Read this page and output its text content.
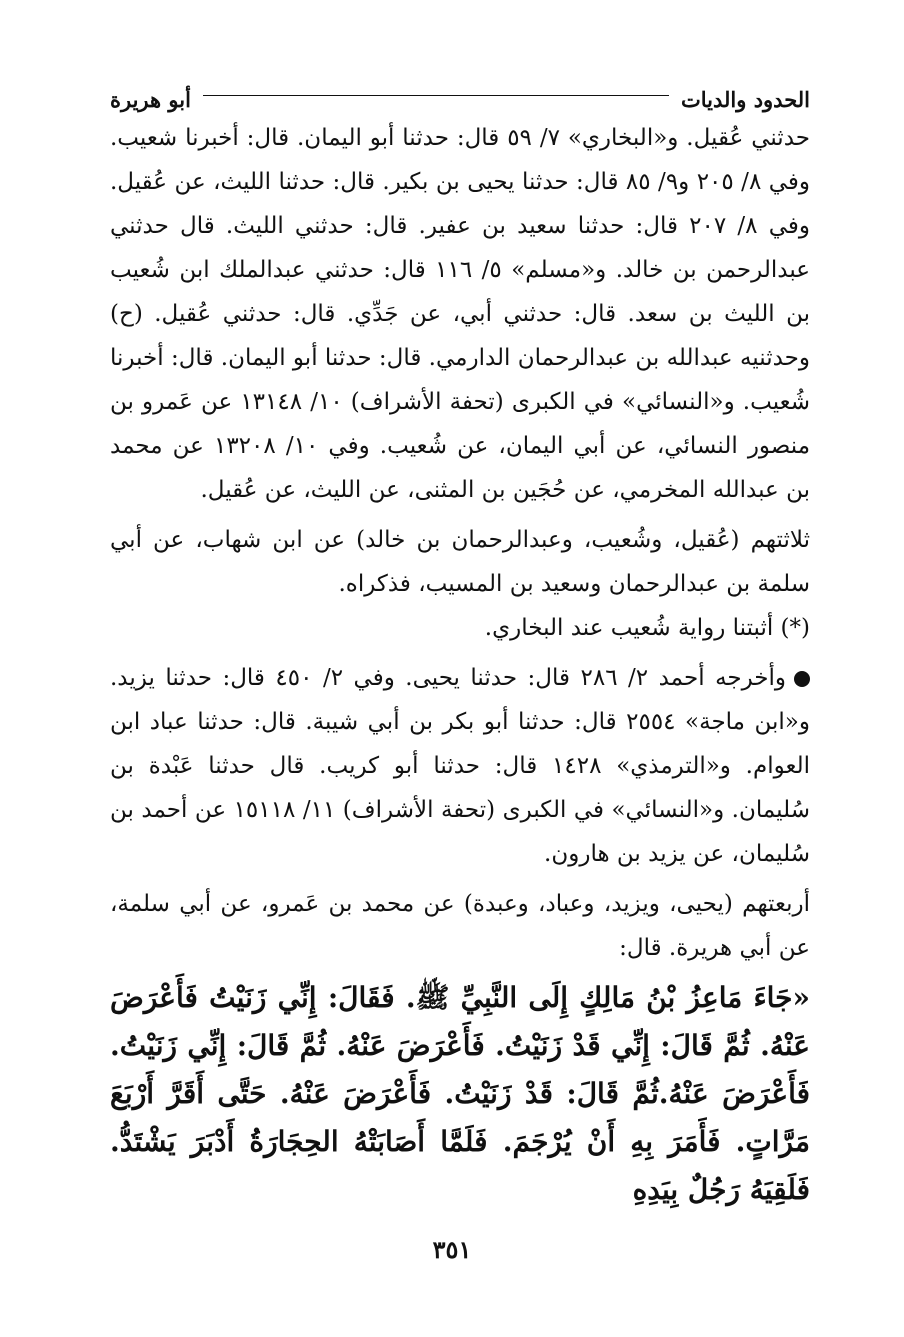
الحدود والديات
أبو هريرة

حدثني عُقيل. و«البخاري» ٧/ ٥٩ قال: حدثنا أبو اليمان. قال: أخبرنا شعيب. وفي ٨/ ٢٠٥ و٩/ ٨٥ قال: حدثنا يحيى بن بكير. قال: حدثنا الليث، عن عُقيل. وفي ٨/ ٢٠٧ قال: حدثنا سعيد بن عفير. قال: حدثني الليث. قال حدثني عبدالرحمن بن خالد. و«مسلم» ٥/ ١١٦ قال: حدثني عبدالملك ابن شُعيب بن الليث بن سعد. قال: حدثني أبي، عن جَدِّي. قال: حدثني عُقيل. (ح) وحدثنيه عبدالله بن عبدالرحمان الدارمي. قال: حدثنا أبو اليمان. قال: أخبرنا شُعيب. و«النسائي» في الكبرى (تحفة الأشراف) ١٠/ ١٣١٤٨ عن عَمرو بن منصور النسائي، عن أبي اليمان، عن شُعيب. وفي ١٠/ ١٣٢٠٨ عن محمد بن عبدالله المخرمي، عن حُجَين بن المثنى، عن الليث، عن عُقيل.

ثلاثتهم (عُقيل، وشُعيب، وعبدالرحمان بن خالد) عن ابن شهاب، عن أبي سلمة بن عبدالرحمان وسعيد بن المسيب، فذكراه.

(*) أثبتنا رواية شُعيب عند البخاري.

وأخرجه أحمد ٢/ ٢٨٦ قال: حدثنا يحيى. وفي ٢/ ٤٥٠ قال: حدثنا يزيد. و«ابن ماجة» ٢٥٥٤ قال: حدثنا أبو بكر بن أبي شيبة. قال: حدثنا عباد ابن العوام. و«الترمذي» ١٤٢٨ قال: حدثنا أبو كريب. قال حدثنا عَبْدة بن سُليمان. و«النسائي» في الكبرى (تحفة الأشراف) ١١/ ١٥١١٨ عن أحمد بن سُليمان، عن يزيد بن هارون.

أربعتهم (يحيى، ويزيد، وعباد، وعبدة) عن محمد بن عَمرو، عن أبي سلمة، عن أبي هريرة. قال:

«جَاءَ مَاعِزُ بْنُ مَالِكٍ إِلَى النَّبِيِّ ﷺ. فَقَالَ: إِنِّي زَنَيْتُ فَأَعْرَضَ عَنْهُ. ثُمَّ قَالَ: إِنِّي قَدْ زَنَيْتُ. فَأَعْرَضَ عَنْهُ. ثُمَّ قَالَ: إِنِّي زَنَيْتُ. فَأَعْرَضَ عَنْهُ.ثُمَّ قَالَ: قَدْ زَنَيْتُ. فَأَعْرَضَ عَنْهُ. حَتَّى أَقَرَّ أَرْبَعَ مَرَّاتٍ. فَأَمَرَ بِهِ أَنْ يُرْجَمَ. فَلَمَّا أَصَابَتْهُ الحِجَارَةُ أَدْبَرَ يَشْتَدُّ. فَلَقِيَهُ رَجُلٌ بِيَدِهِ

٣٥١
